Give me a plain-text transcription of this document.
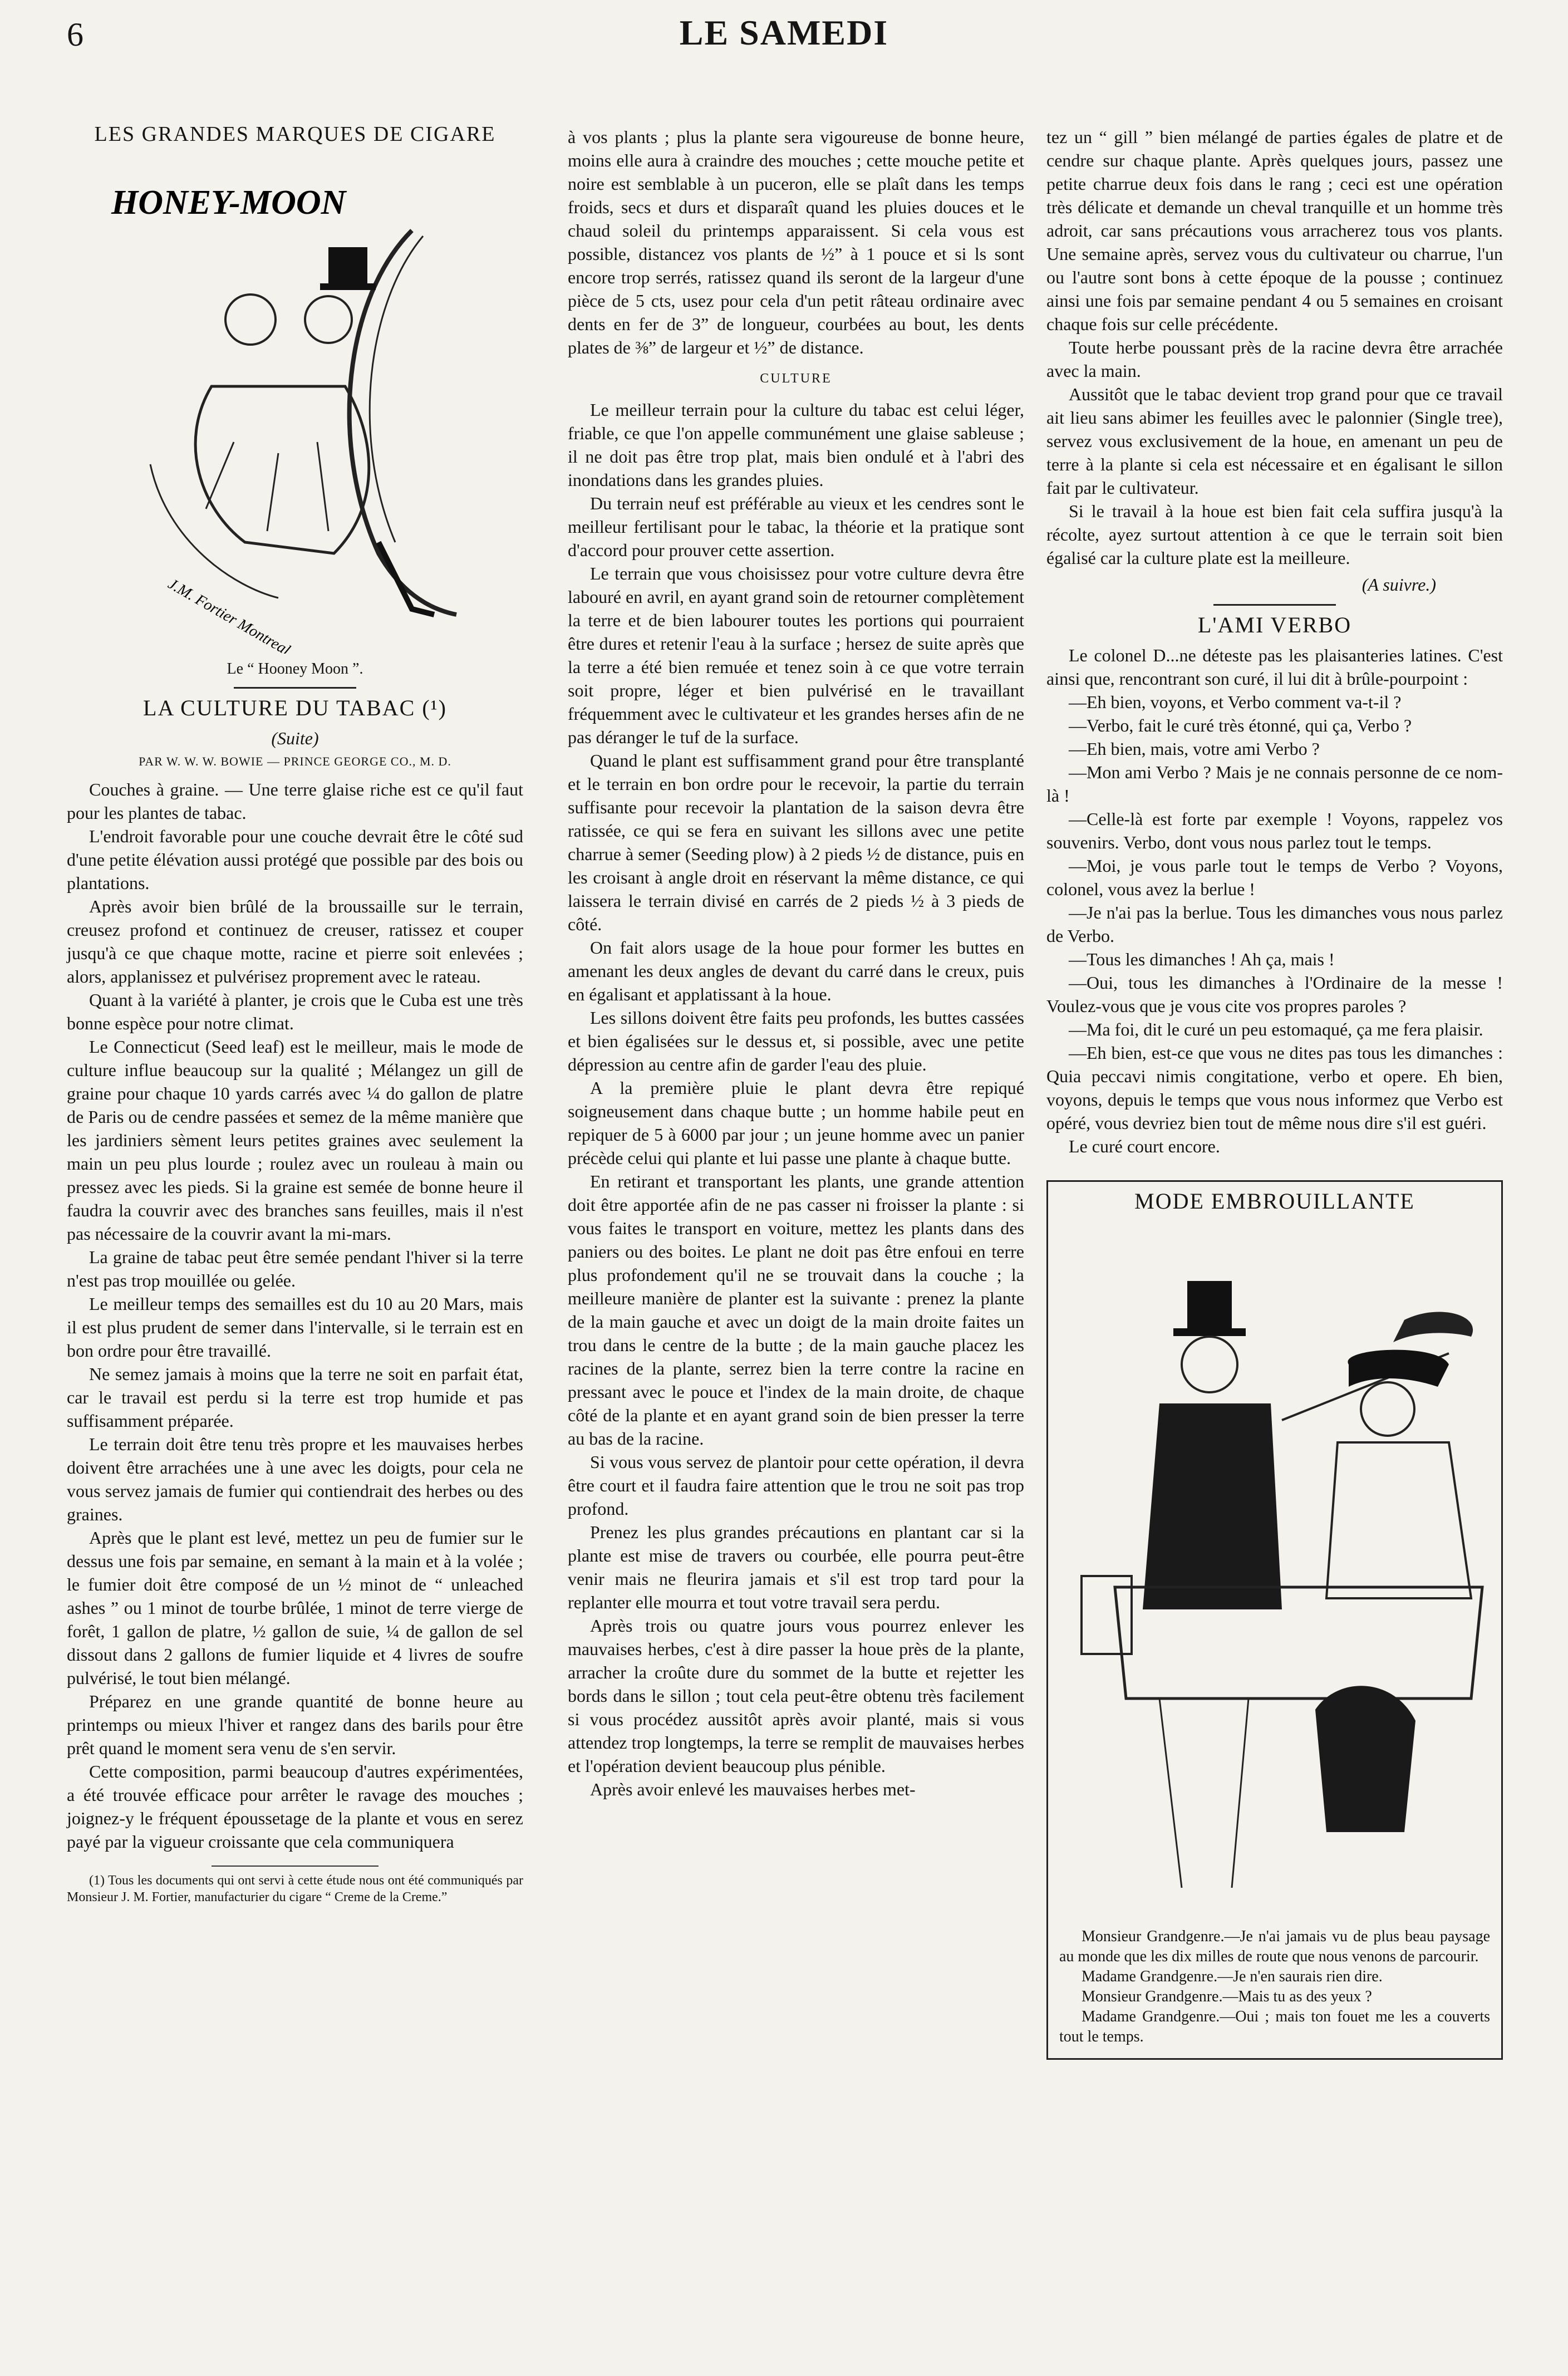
6	LE SAMEDI
LES GRANDES MARQUES DE CIGARE
HONEY-MOON
J.M. Fortier Montreal
Le “ Hooney Moon ”.
LA CULTURE DU TABAC (¹)
(Suite)
PAR W. W. W. BOWIE — PRINCE GEORGE CO., M. D.

Couches à graine. — Une terre glaise riche est ce qu'il faut pour les plantes de tabac.

L'endroit favorable pour une couche devrait être le côté sud d'une petite élévation aussi protégé que possible par des bois ou plantations.

Après avoir bien brûlé de la broussaille sur le terrain, creusez profond et continuez de creuser, ratissez et couper jusqu'à ce que chaque motte, racine et pierre soit enlevées ; alors, applanissez et pulvérisez proprement avec le rateau.

Quant à la variété à planter, je crois que le Cuba est une très bonne espèce pour notre climat.

Le Connecticut (Seed leaf) est le meilleur, mais le mode de culture influe beaucoup sur la qualité ; Mélangez un gill de graine pour chaque 10 yards carrés avec ¼ do gallon de platre de Paris ou de cendre passées et semez de la même manière que les jardiniers sèment leurs petites graines avec seulement la main un peu plus lourde ; roulez avec un rouleau à main ou pressez avec les pieds. Si la graine est semée de bonne heure il faudra la couvrir avec des branches sans feuilles, mais il n'est pas nécessaire de la couvrir avant la mi-mars.

La graine de tabac peut être semée pendant l'hiver si la terre n'est pas trop mouillée ou gelée.

Le meilleur temps des semailles est du 10 au 20 Mars, mais il est plus prudent de semer dans l'intervalle, si le terrain est en bon ordre pour être travaillé.

Ne semez jamais à moins que la terre ne soit en parfait état, car le travail est perdu si la terre est trop humide et pas suffisamment préparée.

Le terrain doit être tenu très propre et les mauvaises herbes doivent être arrachées une à une avec les doigts, pour cela ne vous servez jamais de fumier qui contiendrait des herbes ou des graines.

Après que le plant est levé, mettez un peu de fumier sur le dessus une fois par semaine, en semant à la main et à la volée ; le fumier doit être composé de un ½ minot de “ unleached ashes ” ou 1 minot de tourbe brûlée, 1 minot de terre vierge de forêt, 1 gallon de platre, ½ gallon de suie, ¼ de gallon de sel dissout dans 2 gallons de fumier liquide et 4 livres de soufre pulvérisé, le tout bien mélangé.

Préparez en une grande quantité de bonne heure au printemps ou mieux l'hiver et rangez dans des barils pour être prêt quand le moment sera venu de s'en servir.

Cette composition, parmi beaucoup d'autres expérimentées, a été trouvée efficace pour arrêter le ravage des mouches ; joignez-y le fréquent époussetage de la plante et vous en serez payé par la vigueur croissante que cela communiquera

(1) Tous les documents qui ont servi à cette étude nous ont été communiqués par Monsieur J. M. Fortier, manufacturier du cigare “ Creme de la Creme.”

à vos plants ; plus la plante sera vigoureuse de bonne heure, moins elle aura à craindre des mouches ; cette mouche petite et noire est semblable à un puceron, elle se plaît dans les temps froids, secs et durs et disparaît quand les pluies douces et le chaud soleil du printemps apparaissent. Si cela vous est possible, distancez vos plants de ½” à 1 pouce et si ls sont encore trop serrés, ratissez quand ils seront de la largeur d'une pièce de 5 cts, usez pour cela d'un petit râteau ordinaire avec dents en fer de 3” de longueur, courbées au bout, les dents plates de ⅜” de largeur et ½” de distance.

CULTURE

Le meilleur terrain pour la culture du tabac est celui léger, friable, ce que l'on appelle communément une glaise sableuse ; il ne doit pas être trop plat, mais bien ondulé et à l'abri des inondations dans les grandes pluies.

Du terrain neuf est préférable au vieux et les cendres sont le meilleur fertilisant pour le tabac, la théorie et la pratique sont d'accord pour prouver cette assertion.

Le terrain que vous choisissez pour votre culture devra être labouré en avril, en ayant grand soin de retourner complètement la terre et de bien labourer toutes les portions qui pourraient être dures et retenir l'eau à la surface ; hersez de suite après que la terre a été bien remuée et tenez soin à ce que votre terrain soit propre, léger et bien pulvérisé en le travaillant fréquemment avec le cultivateur et les grandes herses afin de ne pas déranger le tuf de la surface.

Quand le plant est suffisamment grand pour être transplanté et le terrain en bon ordre pour le recevoir, la partie du terrain suffisante pour recevoir la plantation de la saison devra être ratissée, ce qui se fera en suivant les sillons avec une petite charrue à semer (Seeding plow) à 2 pieds ½ de distance, puis en les croisant à angle droit en réservant la même distance, ce qui laissera le terrain divisé en carrés de 2 pieds ½ à 3 pieds de côté.

On fait alors usage de la houe pour former les buttes en amenant les deux angles de devant du carré dans le creux, puis en égalisant et applatissant à la houe.

Les sillons doivent être faits peu profonds, les buttes cassées et bien égalisées sur le dessus et, si possible, avec une petite dépression au centre afin de garder l'eau des pluie.

A la première pluie le plant devra être repiqué soigneusement dans chaque butte ; un homme habile peut en repiquer de 5 à 6000 par jour ; un jeune homme avec un panier précède celui qui plante et lui passe une plante à chaque butte.

En retirant et transportant les plants, une grande attention doit être apportée afin de ne pas casser ni froisser la plante : si vous faites le transport en voiture, mettez les plants dans des paniers ou des boites. Le plant ne doit pas être enfoui en terre plus profondement qu'il ne se trouvait dans la couche ; la meilleure manière de planter est la suivante : prenez la plante de la main gauche et avec un doigt de la main droite faites un trou dans le centre de la butte ; de la main gauche placez les racines de la plante, serrez bien la terre contre la racine en pressant avec le pouce et l'index de la main droite, de chaque côté de la plante et en ayant grand soin de bien presser la terre au bas de la racine.

Si vous vous servez de plantoir pour cette opération, il devra être court et il faudra faire attention que le trou ne soit pas trop profond.

Prenez les plus grandes précautions en plantant car si la plante est mise de travers ou courbée, elle pourra peut-être venir mais ne fleurira jamais et s'il est trop tard pour la replanter elle mourra et tout votre travail sera perdu.

Après trois ou quatre jours vous pourrez enlever les mauvaises herbes, c'est à dire passer la houe près de la plante, arracher la croûte dure du sommet de la butte et rejetter les bords dans le sillon ; tout cela peut-être obtenu très facilement si vous procédez aussitôt après avoir planté, mais si vous attendez trop longtemps, la terre se remplit de mauvaises herbes et l'opération devient beaucoup plus pénible.

Après avoir enlevé les mauvaises herbes met-

tez un “ gill ” bien mélangé de parties égales de platre et de cendre sur chaque plante. Après quelques jours, passez une petite charrue deux fois dans le rang ; ceci est une opération très délicate et demande un cheval tranquille et un homme très adroit, car sans précautions vous arracherez tous vos plants. Une semaine après, servez vous du cultivateur ou charrue, l'un ou l'autre sont bons à cette époque de la pousse ; continuez ainsi une fois par semaine pendant 4 ou 5 semaines en croisant chaque fois sur celle précédente.

Toute herbe poussant près de la racine devra être arrachée avec la main.

Aussitôt que le tabac devient trop grand pour que ce travail ait lieu sans abimer les feuilles avec le palonnier (Single tree), servez vous exclusivement de la houe, en amenant un peu de terre à la plante si cela est nécessaire et en égalisant le sillon fait par le cultivateur.

Si le travail à la houe est bien fait cela suffira jusqu'à la récolte, ayez surtout attention à ce que le terrain soit bien égalisé car la culture plate est la meilleure.

(A suivre.)
L'AMI VERBO

Le colonel D...ne déteste pas les plaisanteries latines. C'est ainsi que, rencontrant son curé, il lui dit à brûle-pourpoint :

—Eh bien, voyons, et Verbo comment va-t-il ?

—Verbo, fait le curé très étonné, qui ça, Verbo ?

—Eh bien, mais, votre ami Verbo ?

—Mon ami Verbo ? Mais je ne connais personne de ce nom-là !

—Celle-là est forte par exemple ! Voyons, rappelez vos souvenirs. Verbo, dont vous nous parlez tout le temps.

—Moi, je vous parle tout le temps de Verbo ? Voyons, colonel, vous avez la berlue !

—Je n'ai pas la berlue. Tous les dimanches vous nous parlez de Verbo.

—Tous les dimanches ! Ah ça, mais !

—Oui, tous les dimanches à l'Ordinaire de la messe ! Voulez-vous que je vous cite vos propres paroles ?

—Ma foi, dit le curé un peu estomaqué, ça me fera plaisir.

—Eh bien, est-ce que vous ne dites pas tous les dimanches : Quia peccavi nimis congitatione, verbo et opere. Eh bien, voyons, depuis le temps que vous nous informez que Verbo est opéré, vous devriez bien tout de même nous dire s'il est guéri.

Le curé court encore.

MODE EMBROUILLANTE

Monsieur Grandgenre.—Je n'ai jamais vu de plus beau paysage au monde que les dix milles de route que nous venons de parcourir.

Madame Grandgenre.—Je n'en saurais rien dire.

Monsieur Grandgenre.—Mais tu as des yeux ?

Madame Grandgenre.—Oui ; mais ton fouet me les a couverts tout le temps.
